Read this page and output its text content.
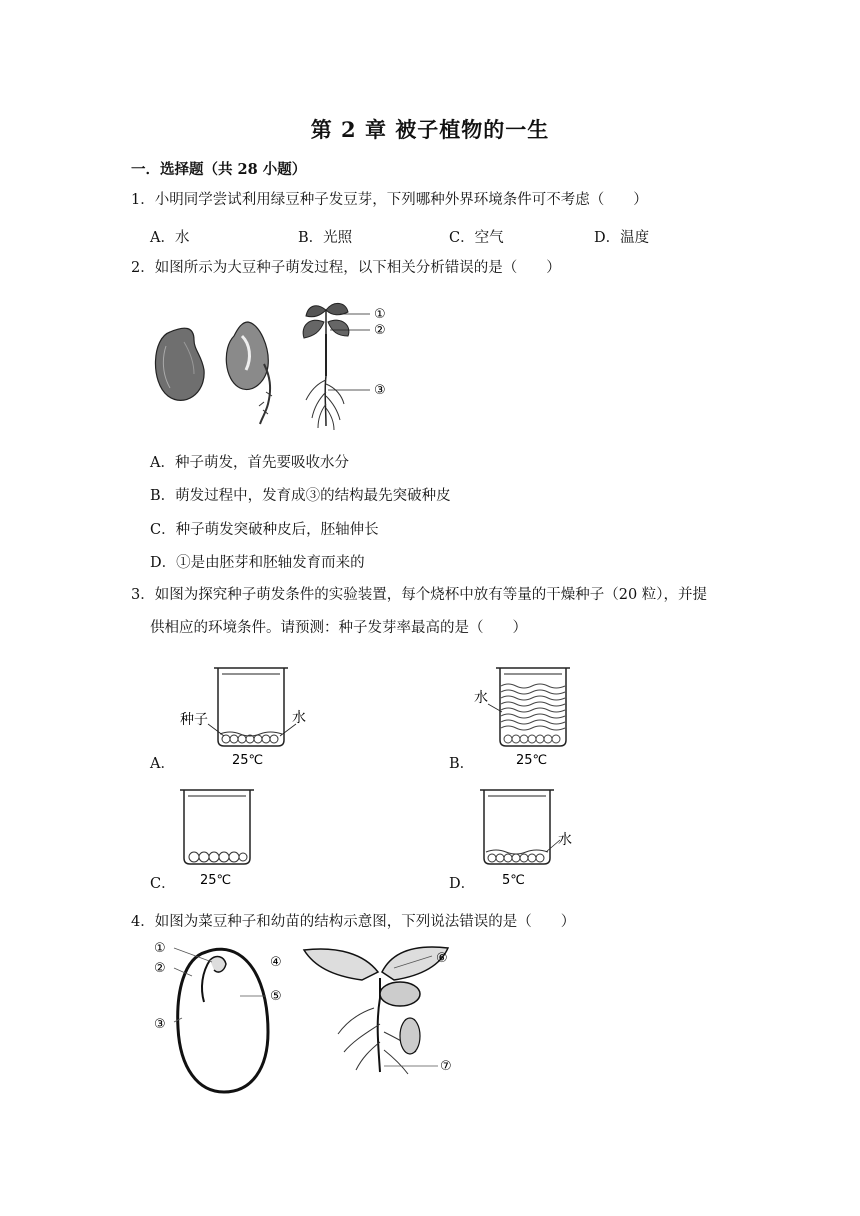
第 2 章 被子植物的一生
一．选择题（共 28 小题）
1．小明同学尝试利用绿豆种子发豆芽，下列哪种外界环境条件可不考虑（　　）
A．水	B．光照	C．空气	D．温度
2．如图所示为大豆种子萌发过程，以下相关分析错误的是（　　）
①
②
③
A．种子萌发，首先要吸收水分
B．萌发过程中，发育成③的结构最先突破种皮
C．种子萌发突破种皮后，胚轴伸长
D．①是由胚芽和胚轴发育而来的
3．如图为探究种子萌发条件的实验装置，每个烧杯中放有等量的干燥种子（20 粒），并提
供相应的环境条件。请预测：种子发芽率最高的是（　　）
A．
种子	水
25℃	B．
水
25℃
C． 25℃	D．
水
5℃
4．如图为菜豆种子和幼苗的结构示意图，下列说法错误的是（　　）
①
②
③
④
⑤
⑥
⑦
